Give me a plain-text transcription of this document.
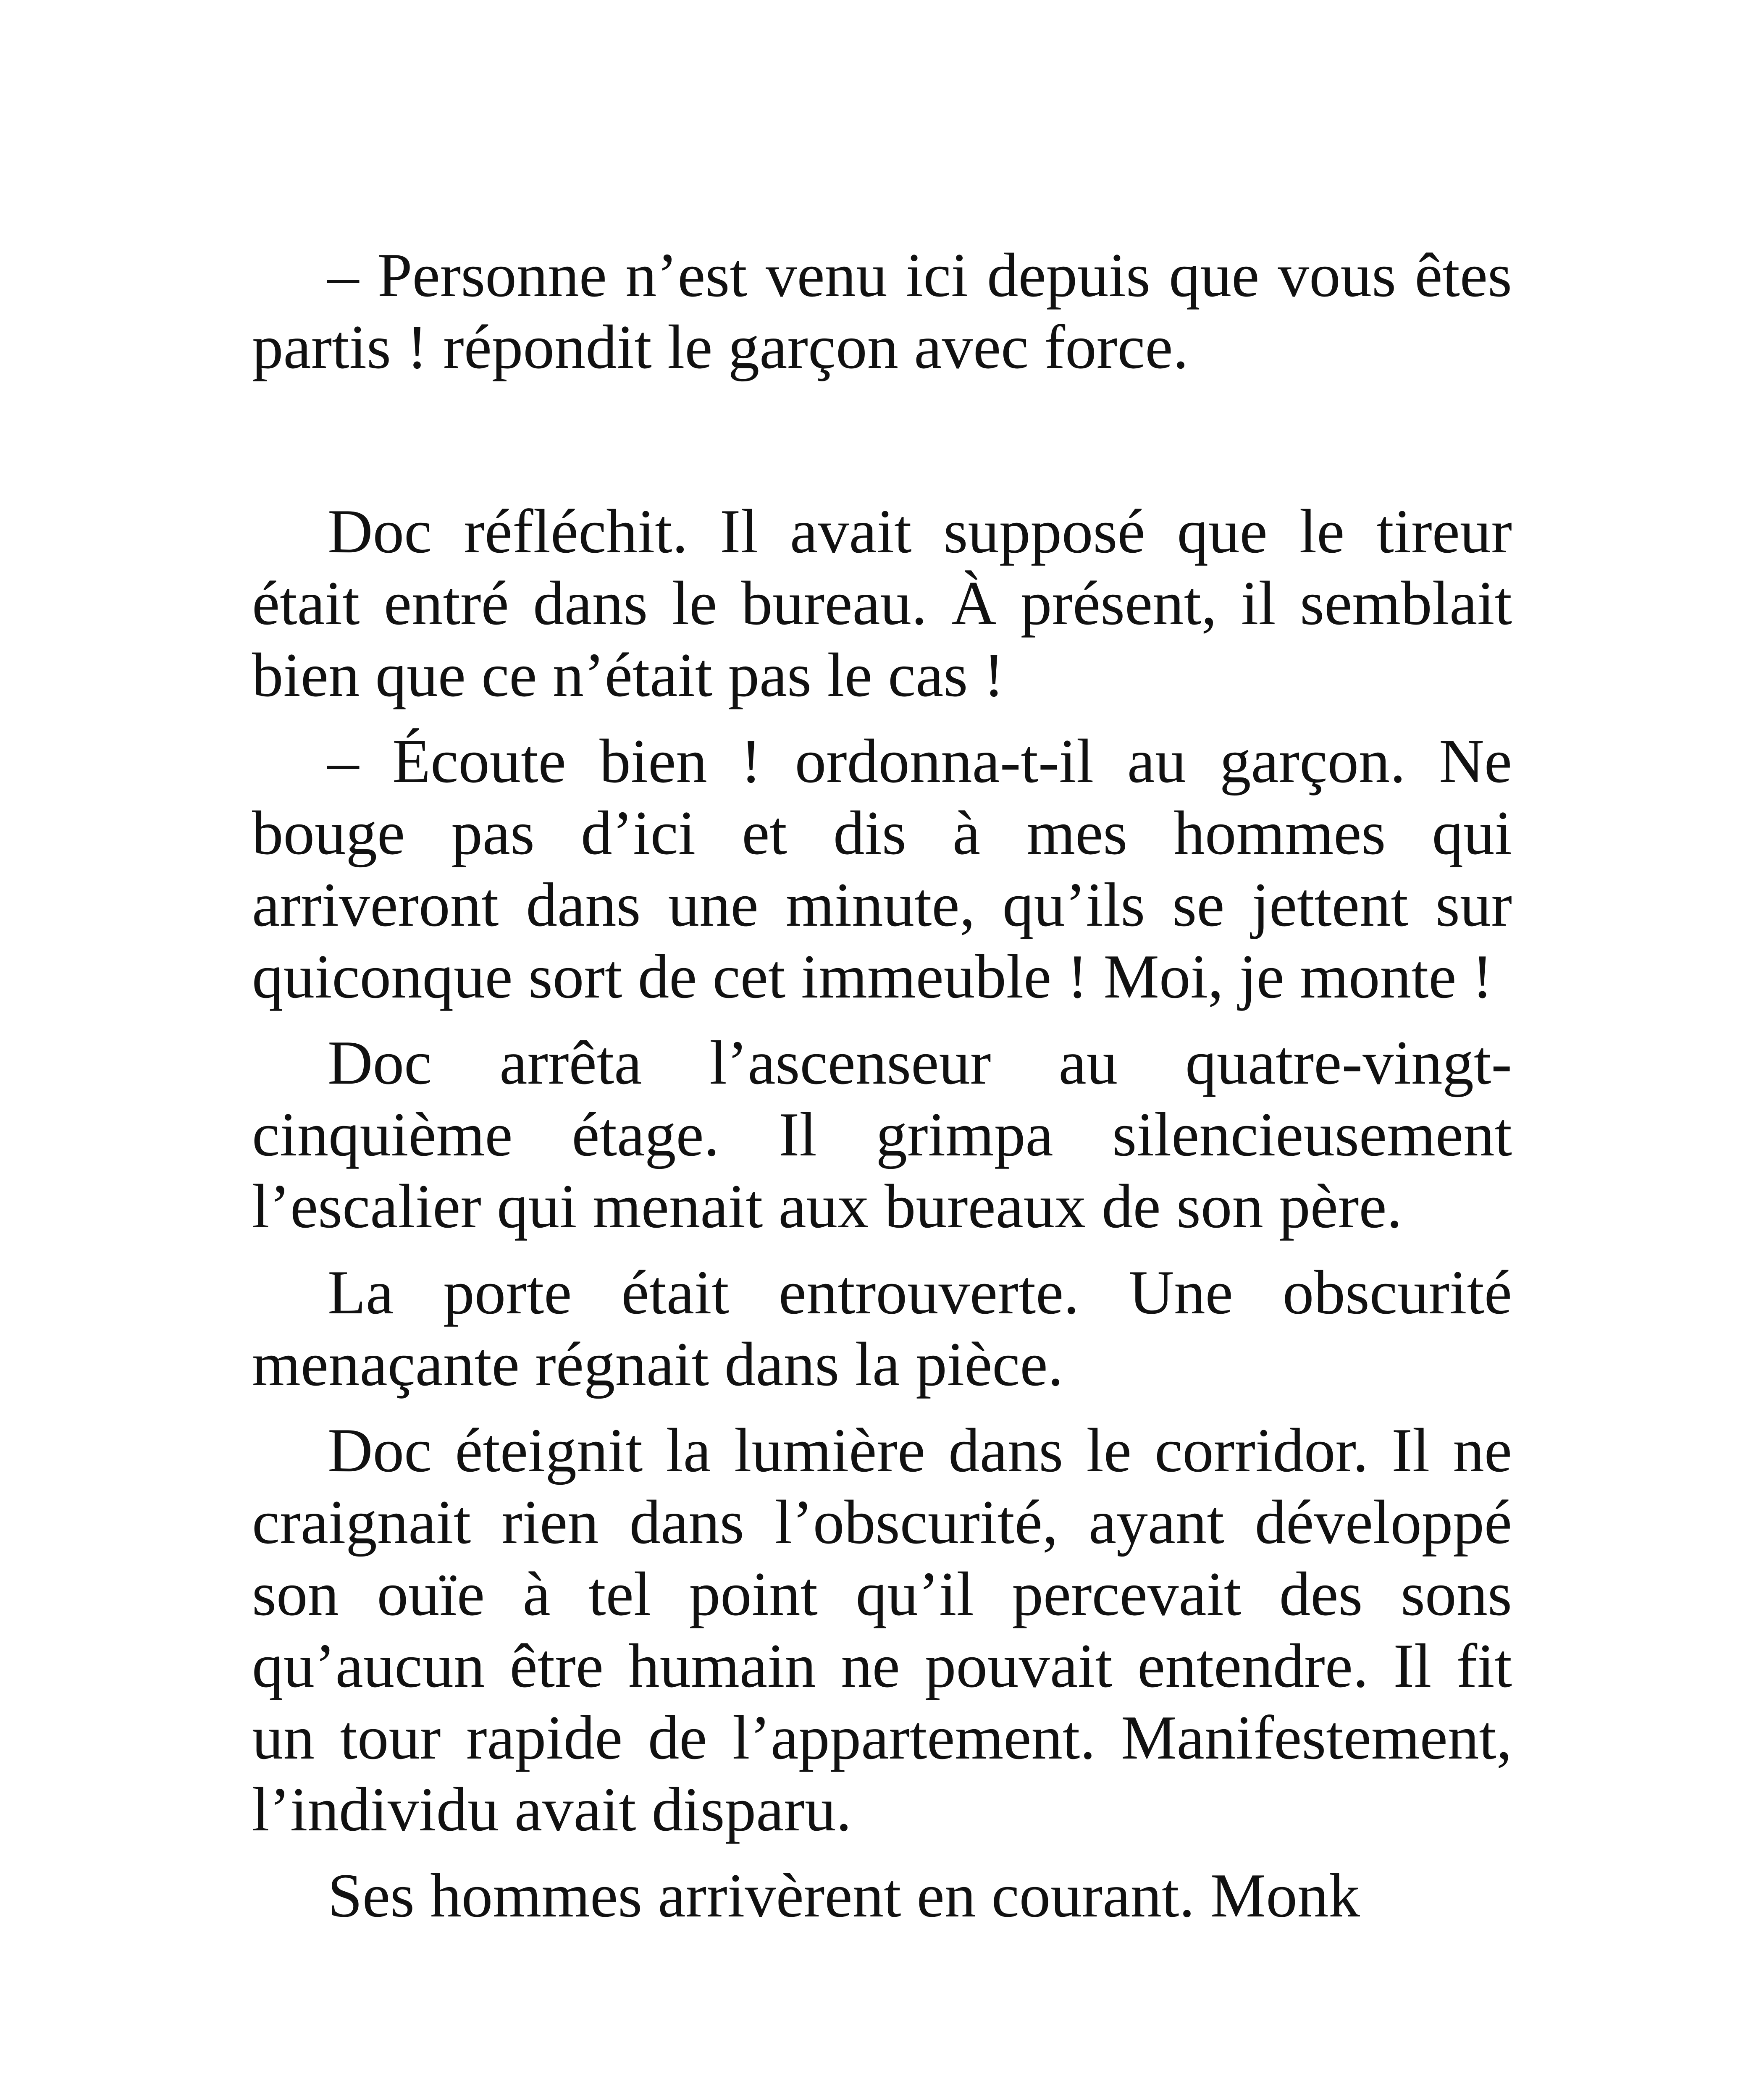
– Personne n’est venu ici depuis que vous êtes partis ! répondit le garçon avec force.

Doc réfléchit. Il avait supposé que le tireur était entré dans le bureau. À présent, il semblait bien que ce n’était pas le cas !

– Écoute bien ! ordonna-t-il au garçon. Ne bouge pas d’ici et dis à mes hommes qui arriveront dans une minute, qu’ils se jettent sur quiconque sort de cet immeuble ! Moi, je monte !

Doc arrêta l’ascenseur au quatre-vingt-cinquième étage. Il grimpa silencieusement l’escalier qui menait aux bureaux de son père.

La porte était entrouverte. Une obscurité menaçante régnait dans la pièce.

Doc éteignit la lumière dans le corridor. Il ne craignait rien dans l’obscurité, ayant développé son ouïe à tel point qu’il percevait des sons qu’aucun être humain ne pouvait entendre. Il fit un tour rapide de l’appartement. Manifestement, l’individu avait disparu.

Ses hommes arrivèrent en courant. Monk
